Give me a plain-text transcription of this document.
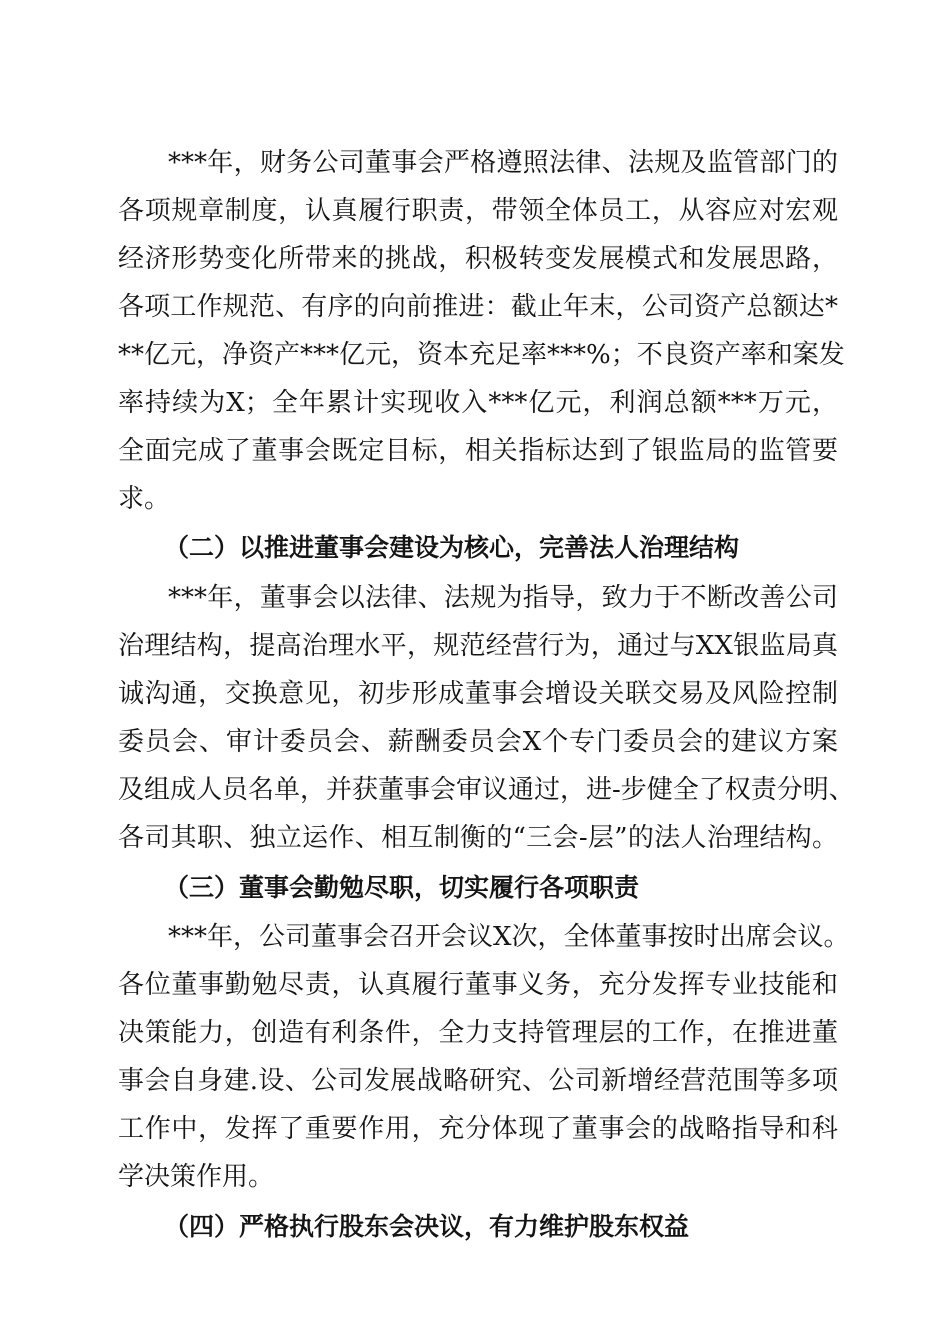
***年，财务公司董事会严格遵照法律、法规及监管部门的
各项规章制度，认真履行职责，带领全体员工，从容应对宏观
经济形势变化所带来的挑战，积极转变发展模式和发展思路，
各项工作规范、有序的向前推进：截止年末，公司资产总额达*
**亿元，净资产***亿元，资本充足率***%；不良资产率和案发
率持续为X；全年累计实现收入***亿元，利润总额***万元，
全面完成了董事会既定目标，相关指标达到了银监局的监管要
求。
（二）以推进董事会建设为核心，完善法人治理结构
***年，董事会以法律、法规为指导，致力于不断改善公司
治理结构，提高治理水平，规范经营行为，通过与XX银监局真
诚沟通，交换意见，初步形成董事会增设关联交易及风险控制
委员会、审计委员会、薪酬委员会X个专门委员会的建议方案
及组成人员名单，并获董事会审议通过，进-步健全了权责分明、
各司其职、独立运作、相互制衡的“三会-层”的法人治理结构。
（三）董事会勤勉尽职，切实履行各项职责
***年，公司董事会召开会议X次，全体董事按时出席会议。
各位董事勤勉尽责，认真履行董事义务，充分发挥专业技能和
决策能力，创造有利条件，全力支持管理层的工作，在推进董
事会自身建.设、公司发展战略研究、公司新增经营范围等多项
工作中，发挥了重要作用，充分体现了董事会的战略指导和科
学决策作用。
（四）严格执行股东会决议，有力维护股东权益
